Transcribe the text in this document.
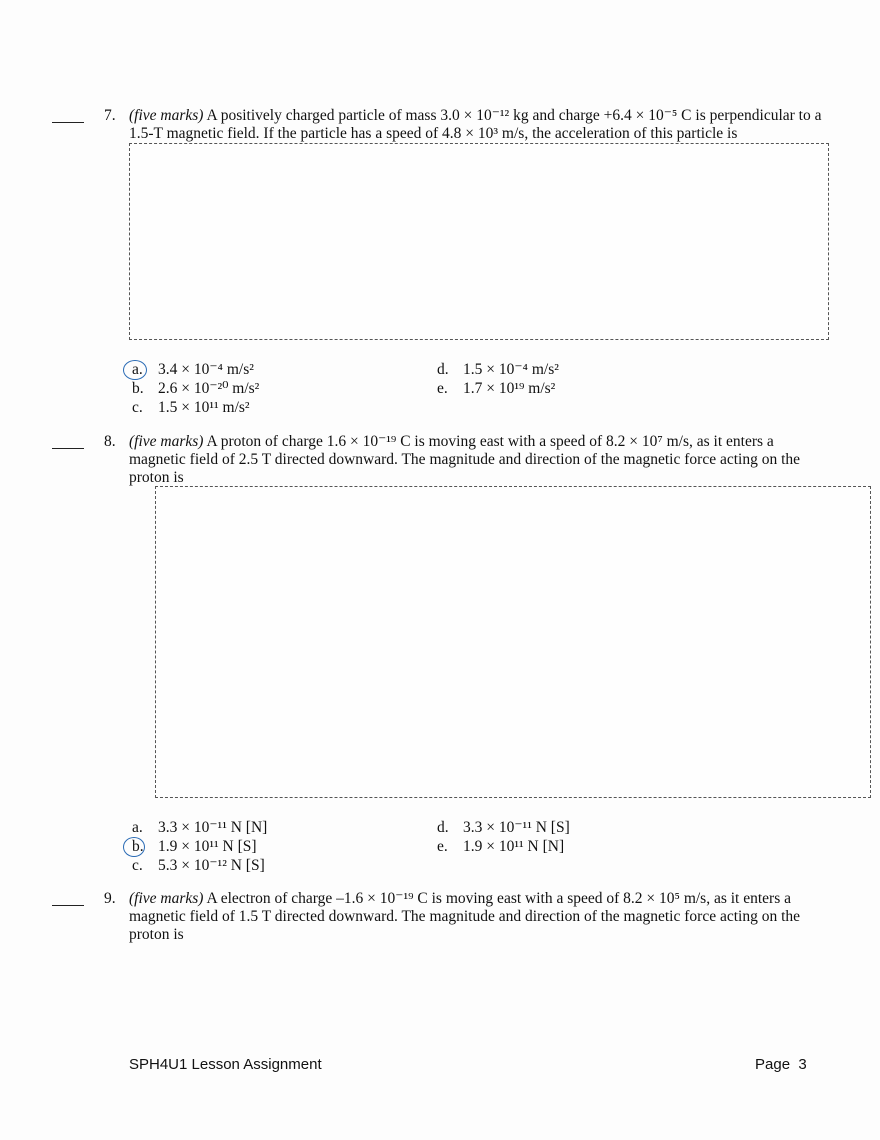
7. (five marks) A positively charged particle of mass 3.0 × 10⁻¹² kg and charge +6.4 × 10⁻⁵ C is perpendicular to a 1.5-T magnetic field. If the particle has a speed of 4.8 × 10³ m/s, the acceleration of this particle is
a. 3.4 × 10⁻⁴ m/s²
b. 2.6 × 10⁻²⁰ m/s²
c. 1.5 × 10¹¹ m/s²
d. 1.5 × 10⁻⁴ m/s²
e. 1.7 × 10¹⁹ m/s²
8. (five marks) A proton of charge 1.6 × 10⁻¹⁹ C is moving east with a speed of 8.2 × 10⁷ m/s, as it enters a magnetic field of 2.5 T directed downward. The magnitude and direction of the magnetic force acting on the proton is
a. 3.3 × 10⁻¹¹ N [N]
b. 1.9 × 10¹¹ N [S]
c. 5.3 × 10⁻¹² N [S]
d. 3.3 × 10⁻¹¹ N [S]
e. 1.9 × 10¹¹ N [N]
9. (five marks) A electron of charge –1.6 × 10⁻¹⁹ C is moving east with a speed of 8.2 × 10⁵ m/s, as it enters a magnetic field of 1.5 T directed downward. The magnitude and direction of the magnetic force acting on the proton is
SPH4U1 Lesson Assignment	Page  3
